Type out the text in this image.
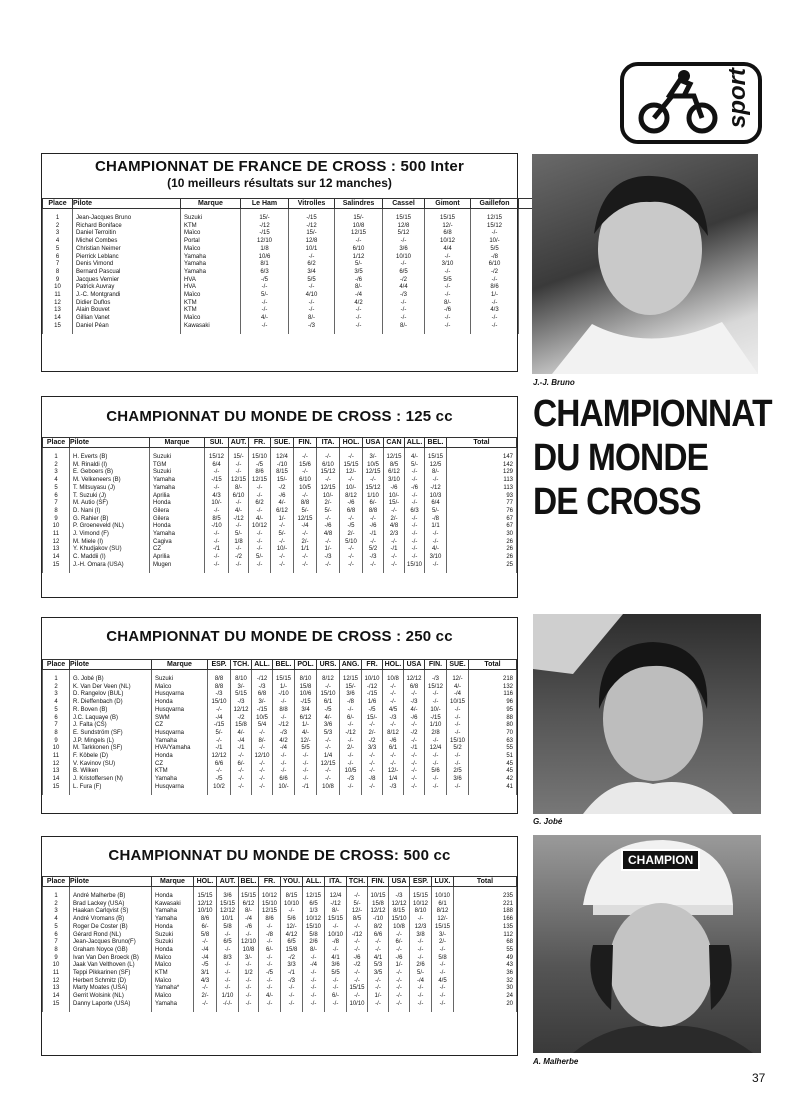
sport
CHAMPIONNAT DE FRANCE DE CROSS : 500 Inter
(10 meilleurs résultats sur 12 manches)
Place	Pilote	Marque	Le Ham	Vitrolles	Salindres	Cassel	Gimont	Gaillefon	
1	Jean-Jacques Bruno	Suzuki	15/-	-/15	15/-	15/15	15/15	12/15	
2	Richard Boniface	KTM	-/12	-/12	10/8	12/8	12/-	15/12	
3	Daniel Terroitin	Maïco	-/15	15/-	12/15	5/12	6/8	-/-	
4	Michel Combes	Portal	12/10	12/8	-/-	-/-	10/12	10/-	
5	Christian Neimer	Maïco	1/8	10/1	6/10	3/6	4/4	5/5	
6	Pierrick Leblanc	Yamaha	10/6	-/-	1/12	10/10	-/-	-/8	
7	Denis Vimond	Yamaha	8/1	6/2	5/-	-/-	3/10	6/10	
8	Bernard Pascual	Yamaha	6/3	3/4	3/5	6/5	-/-	-/2	
9	Jacques Vernier	HVA	-/5	5/5	-/6	-/2	5/5	-/-	
10	Patrick Auvray	HVA	-/-	-/-	8/-	4/4	-/-	8/6	
11	J.-C. Montgrandi	Maïco	5/-	4/10	-/4	-/3	-/-	1/-	
12	Didier Duflos	KTM	-/-	-/-	4/2	-/-	8/-	-/-	
13	Alain Bouvet	KTM	-/-	-/-	-/-	-/-	-/6	4/3	
14	Gillian Vanet	Maïco	4/-	8/-	-/-	-/-	-/-	-/-	
15	Daniel Péan	Kawasaki	-/-	-/3	-/-	8/-	-/-	-/-	
J.-J. Bruno
CHAMPIONNAT
DU MONDE
DE CROSS
CHAMPIONNAT DU MONDE DE CROSS : 125 cc
Place	Pilote	Marque	SUI.	AUT.	FR.	SUE.	FIN.	ITA.	HOL.	USA	CAN	ALL.	BEL.	Total
1	H. Everts (B)	Suzuki	15/12	15/-	15/10	12/4	-/-	-/-	-/-	3/-	12/15	4/-	15/15	147
2	M. Rinaldi (I)	TGM	6/4	-/-	-/5	-/10	15/6	6/10	15/15	10/5	8/5	5/-	12/5	142
3	E. Geboers (B)	Suzuki	-/-	-/-	8/6	8/15	-/-	15/12	12/-	12/15	6/12	-/-	8/-	129
4	M. Velkeneers (B)	Yamaha	-/15	12/15	12/15	15/-	6/10	-/-	-/-	-/-	3/10	-/-	-/-	113
5	T. Mitsuyasu (J)	Yamaha	-/-	8/-	-/-	-/2	10/5	12/15	10/-	15/12	-/6	-/6	-/12	113
6	T. Suzuki (J)	Aprilia	4/3	6/10	-/-	-/6	-/-	10/-	8/12	1/10	10/-	-/-	10/3	93
7	M. Autio (SF)	Honda	10/-	-/-	6/2	4/-	8/8	2/-	-/6	6/-	15/-	-/-	6/4	77
8	D. Nani (I)	Gilera	-/-	4/-	-/-	6/12	5/-	5/-	6/8	8/8	-/-	6/3	5/-	76
9	G. Rahier (B)	Gilera	8/5	-/12	4/-	1/-	12/15	-/-	-/-	-/-	2/-	-/-	-/8	67
10	P. Groeneveld (NL)	Honda	-/10	-/-	10/12	-/-	-/4	-/6	-/5	-/6	4/8	-/-	1/1	67
11	J. Vimond (F)	Yamaha	-/-	5/-	-/-	5/-	-/-	4/8	2/-	-/1	2/3	-/-	-/-	30
12	M. Miele (I)	Cagiva	-/-	1/8	-/-	-/-	2/-	-/-	5/10	-/-	-/-	-/-	-/-	26
13	Y. Khudjakov (SU)	CZ	-/1	-/-	-/-	10/-	1/1	1/-	-/-	5/2	-/1	-/-	4/-	26
14	C. Maddii (I)	Aprilia	-/-	-/2	5/-	-/-	-/-	-/3	-/-	-/3	-/-	-/-	3/10	26
15	J.-H. Omara (USA)	Mugen	-/-	-/-	-/-	-/-	-/-	-/-	-/-	-/-	-/-	15/10	-/-	25
CHAMPIONNAT DU MONDE DE CROSS : 250 cc
Place	Pilote	Marque	ESP.	TCH.	ALL.	BEL.	POL.	URS.	ANG.	FR.	HOL.	USA	FIN.	SUE.	Total
1	G. Jobé (B)	Suzuki	8/8	8/10	-/12	15/15	8/10	8/12	12/15	10/10	10/8	12/12	-/3	12/-	218
2	K. Van Der Veen (NL)	Maïco	8/8	3/-	-/3	1/-	15/8	-/-	15/-	-/12	-/-	6/8	15/12	4/-	132
3	D. Rangelov (BUL)	Husqvarna	-/3	5/15	6/8	-/10	10/6	15/10	3/6	-/15	-/-	-/-	-/-	-/4	116
4	R. Dieffenbach (D)	Honda	15/10	-/3	3/-	-/-	-/15	6/1	-/8	1/6	-/-	-/3	-/-	10/15	96
5	R. Boven (B)	Husqvarna	-/-	12/12	-/15	8/8	3/4	-/5	-/-	-/5	4/5	4/-	10/-	-/-	95
6	J.C. Laquaye (B)	SWM	-/4	-/2	10/5	-/-	6/12	4/-	6/-	15/-	-/3	-/6	-/15	-/-	88
7	J. Falta (CS)	CZ	-/15	15/8	5/4	-/12	1/-	3/6	-/-	-/-	-/-	-/-	1/10	-/-	80
8	E. Sundström (SF)	Husqvarna	5/-	4/-	-/-	-/3	4/-	5/3	-/12	2/-	8/12	-/2	2/8	-/-	70
9	J.P. Mingels (L)	Yamaha	-/-	-/4	8/-	4/2	12/-	-/-	-/-	-/2	-/6	-/-	-/-	15/10	63
10	M. Tarkkonen (SF)	HVA/Yamaha	-/1	-/1	-/-	-/4	5/5	-/-	2/-	3/3	6/1	-/1	12/4	5/2	55
11	F. Köbele (D)	Honda	12/12	-/-	12/10	-/-	-/-	1/4	-/-	-/-	-/-	-/-	-/-	-/-	51
12	V. Kavinov (SU)	CZ	6/6	6/-	-/-	-/-	-/-	12/15	-/-	-/-	-/-	-/-	-/-	-/-	45
13	B. Wilken	KTM	-/-	-/-	-/-	-/-	-/-	-/-	10/5	-/-	12/-	-/-	5/6	2/5	45
14	J. Kristoffersen (N)	Yamaha	-/5	-/-	-/-	6/6	-/-	-/-	-/3	-/8	1/4	-/-	-/-	3/6	42
15	L. Fura (F)	Husqvarna	10/2	-/-	-/-	10/-	-/1	10/8	-/-	-/-	-/3	-/-	-/-	-/-	41
G. Jobé
CHAMPIONNAT DU MONDE DE CROSS: 500 cc
Place	Pilote	Marque	HOL.	AUT.	BEL.	FR.	YOU.	ALL.	ITA.	TCH.	FIN.	USA	ESP.	LUX.	Total
1	André Malherbe (B)	Honda	15/15	3/6	15/15	10/12	8/15	12/15	12/4	-/-	10/15	-/3	15/15	10/10	235
2	Brad Lackey (USA)	Kawasaki	12/12	15/15	6/12	15/10	10/10	6/5	-/12	5/-	15/8	12/12	10/12	6/1	221
3	Haakan Carlqvist (S)	Yamaha	10/10	12/12	8/-	12/15	-/-	1/3	8/-	12/-	12/12	8/15	8/10	8/12	188
4	André Vromans (B)	Yamaha	8/6	10/1	-/4	8/6	5/6	10/12	15/15	8/5	-/10	15/10	-/-	12/-	166
5	Roger De Coster (B)	Honda	6/-	5/8	-/6	-/-	12/-	15/10	-/-	-/-	8/2	10/8	12/3	15/15	135
6	Gérard Rond (NL)	Suzuki	5/8	-/-	-/-	-/8	4/12	5/8	10/10	-/12	6/6	-/-	3/8	3/-	112
7	Jean-Jacques Bruno(F)	Suzuki	-/-	6/5	12/10	-/-	6/5	2/6	-/8	-/-	-/-	6/-	-/-	2/-	68
8	Graham Noyce (GB)	Honda	-/4	-/-	10/8	6/-	15/8	8/-	-/-	-/-	-/-	-/-	-/-	-/-	55
9	Ivan Van Den Broeck (B)	Maïco	-/4	8/3	3/-	-/-	-/2	-/-	4/1	-/6	4/1	-/6	-/-	5/8	49
10	Jaak Van Velthoven (L)	Maïco	-/5	-/-	-/-	-/-	3/3	-/4	3/6	-/2	5/3	1/-	2/6	-/-	43
11	Teppi Pikkarinen (SF)	KTM	3/1	-/-	1/2	-/5	-/1	-/-	5/5	-/-	3/5	-/-	5/-	-/-	36
12	Herbert Schmitz (D)	Maïco	4/3	-/-	-/-	-/-	-/3	-/-	-/-	-/-	-/-	-/-	-/4	4/5	32
13	Marty Moates (USA)	Yamaha*	-/-	-/-	-/-	-/-	-/-	-/-	-/-	15/15	-/-	-/-	-/-	-/-	30
14	Gerrit Wolsink (NL)	Maïco	2/-	1/10	-/-	4/-	-/-	-/-	6/-	-/-	1/-	-/-	-/-	-/-	24
15	Danny Laporte (USA)	Yamaha	-/-	-/-/-	-/-	-/-	-/-	-/-	-/-	10/10	-/-	-/-	-/-	-/-	20
CHAMPION
A. Malherbe
37
